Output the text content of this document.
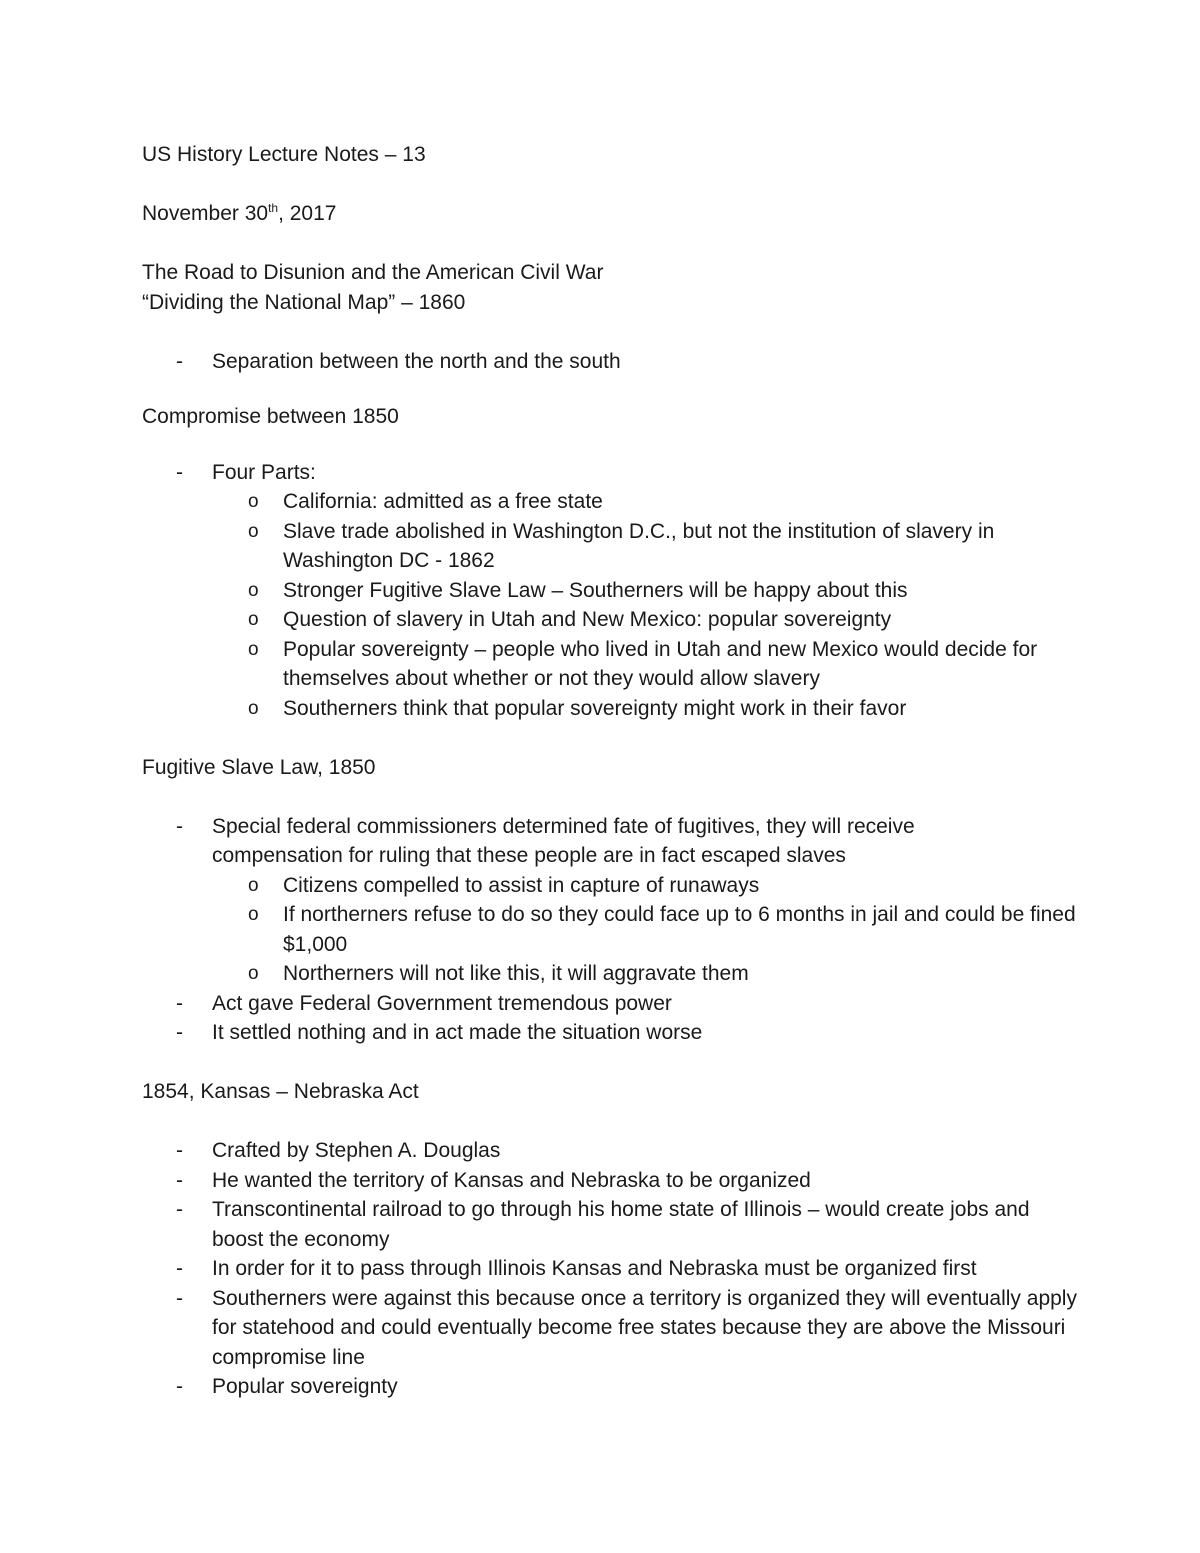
US History Lecture Notes – 13

November 30th, 2017

The Road to Disunion and the American Civil War

“Dividing the National Map” – 1860

- Separation between the north and the south

Compromise between 1850

- Four Parts:
o California: admitted as a free state
o Slave trade abolished in Washington D.C., but not the institution of slavery in Washington DC - 1862
o Stronger Fugitive Slave Law – Southerners will be happy about this
o Question of slavery in Utah and New Mexico: popular sovereignty
o Popular sovereignty – people who lived in Utah and new Mexico would decide for themselves about whether or not they would allow slavery
o Southerners think that popular sovereignty might work in their favor

Fugitive Slave Law, 1850

- Special federal commissioners determined fate of fugitives, they will receive compensation for ruling that these people are in fact escaped slaves
o Citizens compelled to assist in capture of runaways
o If northerners refuse to do so they could face up to 6 months in jail and could be fined $1,000
o Northerners will not like this, it will aggravate them
- Act gave Federal Government tremendous power
- It settled nothing and in act made the situation worse

1854, Kansas – Nebraska Act

- Crafted by Stephen A. Douglas
- He wanted the territory of Kansas and Nebraska to be organized
- Transcontinental railroad to go through his home state of Illinois – would create jobs and boost the economy
- In order for it to pass through Illinois Kansas and Nebraska must be organized first
- Southerners were against this because once a territory is organized they will eventually apply for statehood and could eventually become free states because they are above the Missouri compromise line
- Popular sovereignty
